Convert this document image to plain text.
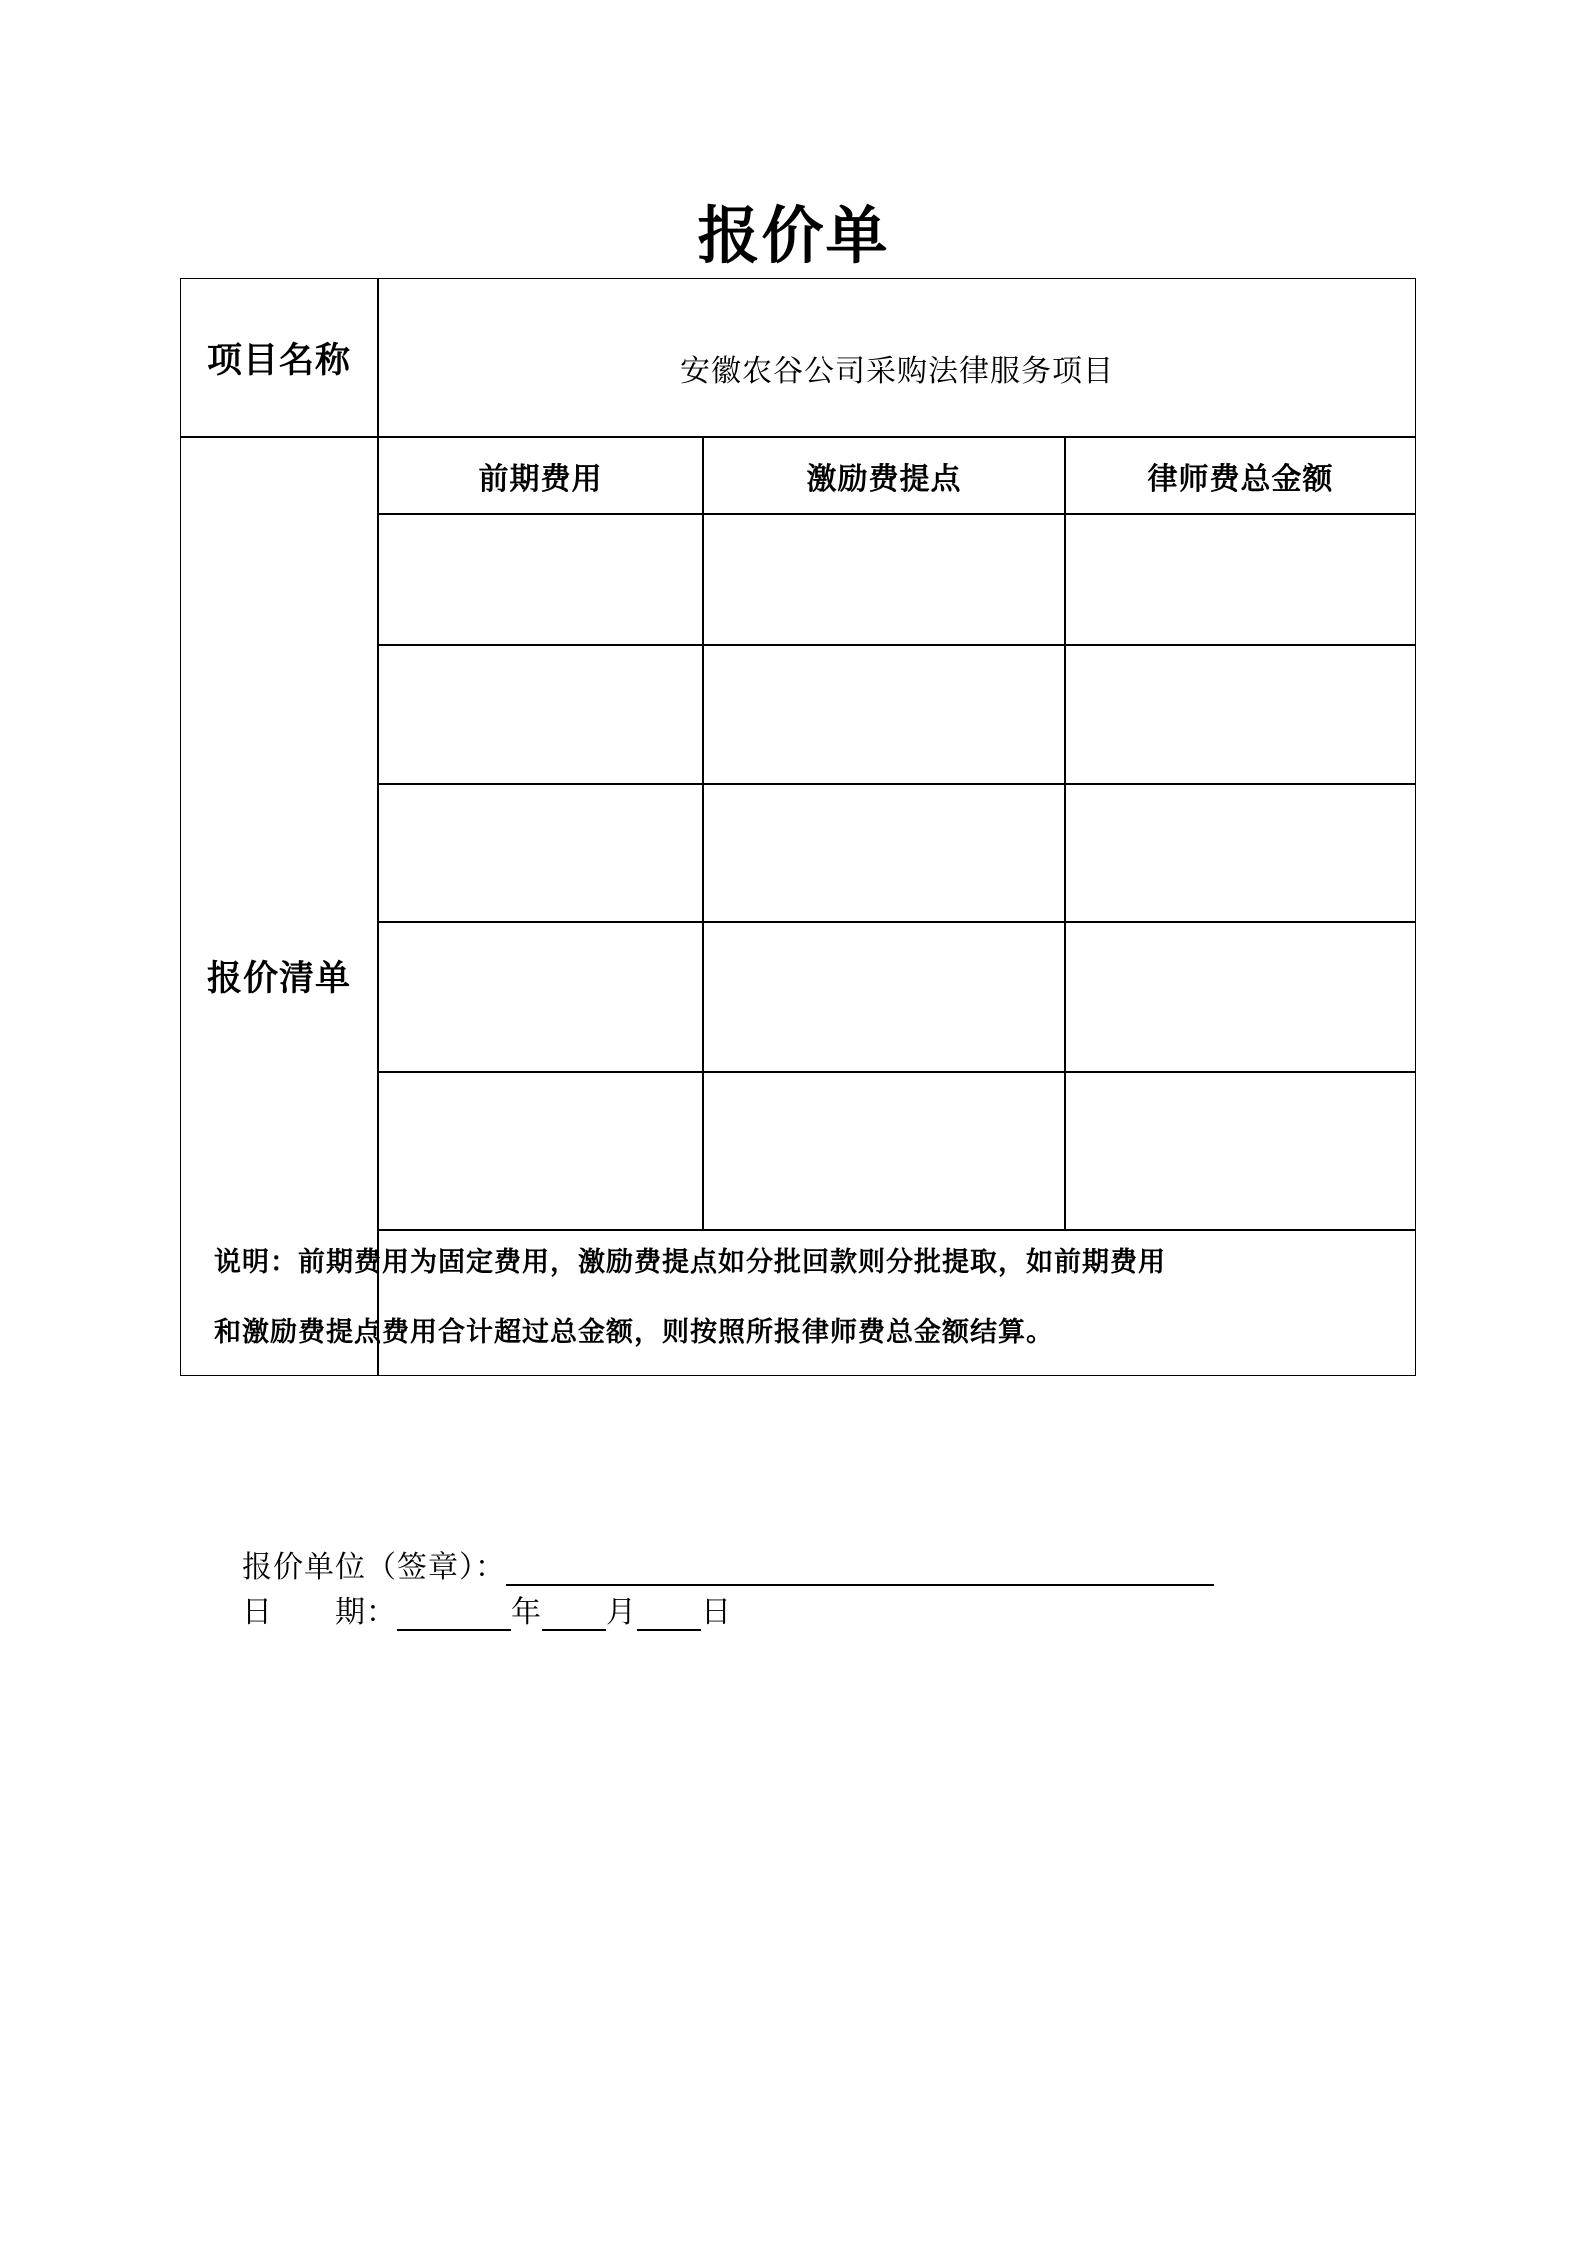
报价单
项目名称	安徽农谷公司采购法律服务项目
报价清单
前期费用	激励费提点	律师费总金额

说明：前期费用为固定费用，激励费提点如分批回款则分批提取，如前期费用

和激励费提点费用合计超过总金额，则按照所报律师费总金额结算。

报价单位（签章）：
日 期：	年 月 日
